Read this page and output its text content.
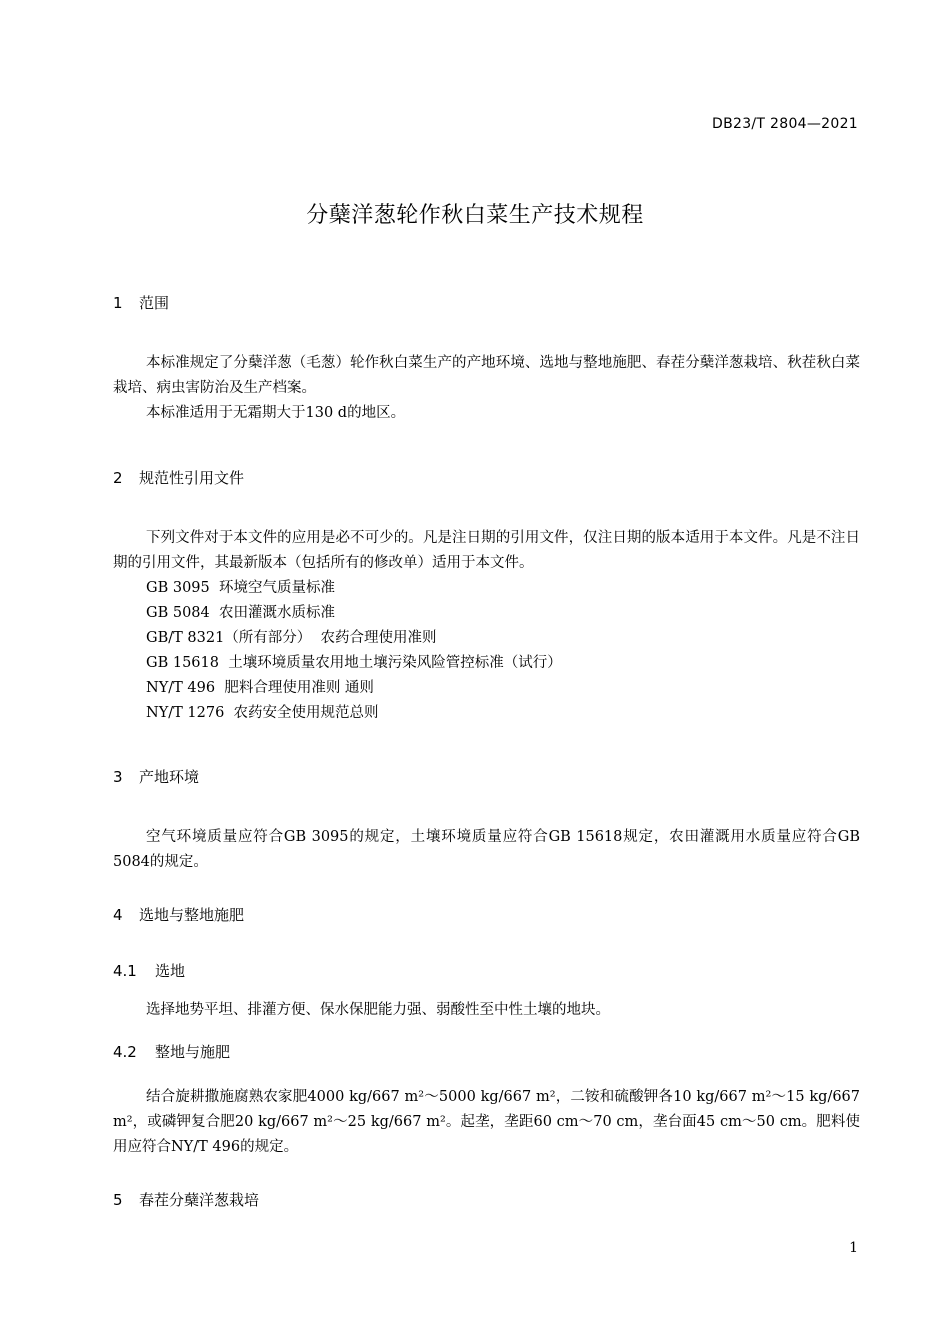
DB23/T 2804—2021
分蘖洋葱轮作秋白菜生产技术规程
1 范围

本标准规定了分蘖洋葱（毛葱）轮作秋白菜生产的产地环境、选地与整地施肥、春茬分蘖洋葱栽培、秋茬秋白菜栽培、病虫害防治及生产档案。

本标准适用于无霜期大于130 d的地区。

2 规范性引用文件

下列文件对于本文件的应用是必不可少的。凡是注日期的引用文件，仅注日期的版本适用于本文件。凡是不注日期的引用文件，其最新版本（包括所有的修改单）适用于本文件。

GB 3095  环境空气质量标准

GB 5084  农田灌溉水质标准

GB/T 8321（所有部分）  农药合理使用准则

GB 15618  土壤环境质量农用地土壤污染风险管控标准（试行）

NY/T 496  肥料合理使用准则 通则

NY/T 1276  农药安全使用规范总则

3 产地环境

空气环境质量应符合GB 3095的规定，土壤环境质量应符合GB 15618规定，农田灌溉用水质量应符合GB 5084的规定。

4 选地与整地施肥
4.1 选地

选择地势平坦、排灌方便、保水保肥能力强、弱酸性至中性土壤的地块。

4.2 整地与施肥

结合旋耕撒施腐熟农家肥4000 kg/667 m²～5000 kg/667 m²，二铵和硫酸钾各10 kg/667 m²～15 kg/667 m²，或磷钾复合肥20 kg/667 m²～25 kg/667 m²。起垄，垄距60 cm～70 cm，垄台面45 cm～50 cm。肥料使用应符合NY/T 496的规定。

5 春茬分蘖洋葱栽培
1
